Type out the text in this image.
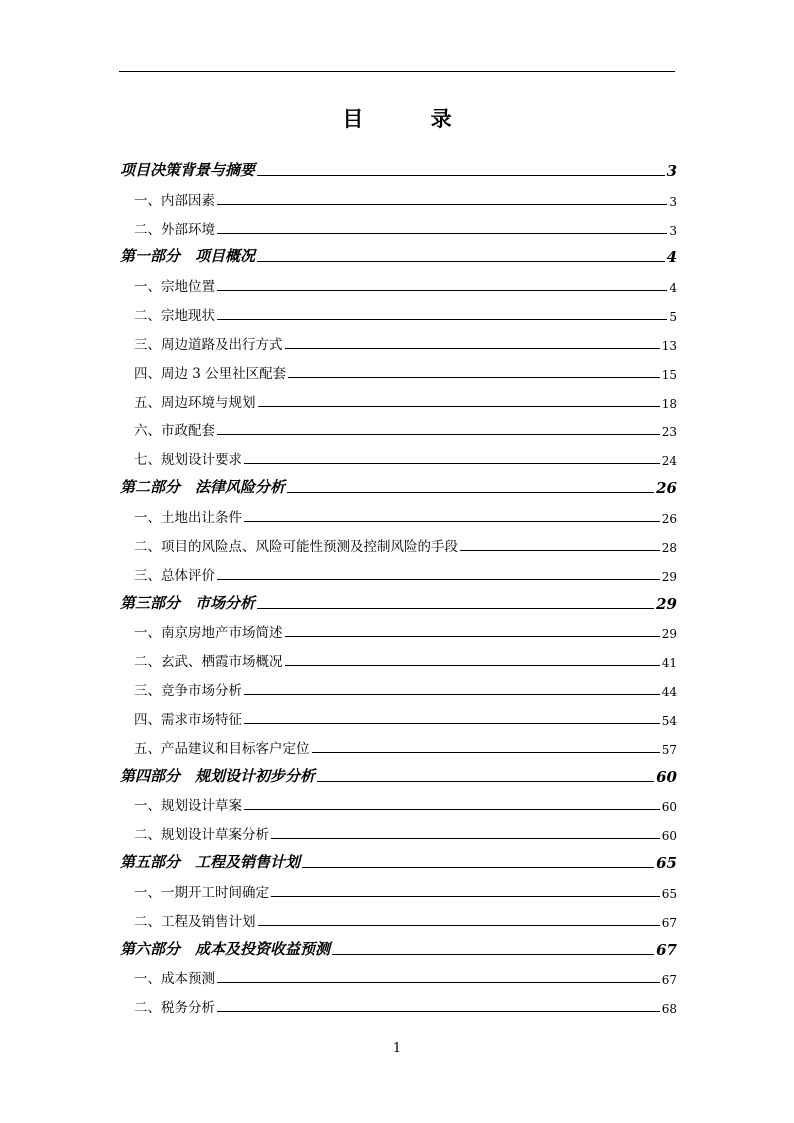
目 录
项目决策背景与摘要	3
一、内部因素	3
二、外部环境	3
第一部分　项目概况	4
一、宗地位置	4
二、宗地现状	5
三、周边道路及出行方式	13
四、周边 3 公里社区配套	15
五、周边环境与规划	18
六、市政配套	23
七、规划设计要求	24
第二部分　法律风险分析	26
一、土地出让条件	26
二、项目的风险点、风险可能性预测及控制风险的手段	28
三、总体评价	29
第三部分　市场分析	29
一、南京房地产市场简述	29
二、玄武、栖霞市场概况	41
三、竞争市场分析	44
四、需求市场特征	54
五、产品建议和目标客户定位	57
第四部分　规划设计初步分析	60
一、规划设计草案	60
二、规划设计草案分析	60
第五部分　工程及销售计划	65
一、一期开工时间确定	65
二、工程及销售计划	67
第六部分　成本及投资收益预测	67
一、成本预测	67
二、税务分析	68
1
